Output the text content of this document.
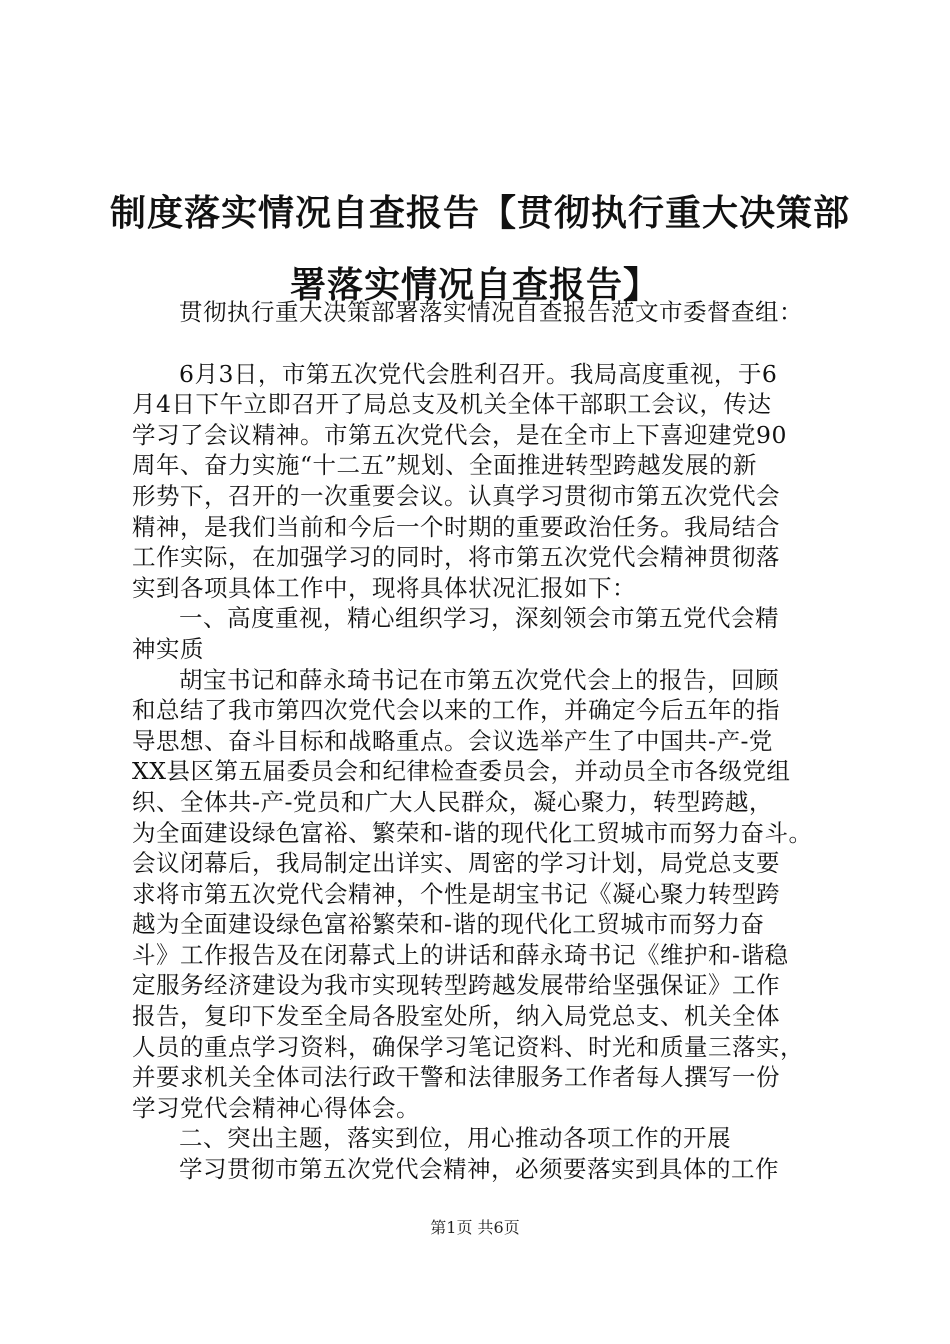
制度落实情况自查报告【贯彻执行重大决策部
署落实情况自查报告】
贯彻执行重大决策部署落实情况自查报告范文市委督查组：
6月3日，市第五次党代会胜利召开。我局高度重视，于6
月4日下午立即召开了局总支及机关全体干部职工会议，传达
学习了会议精神。市第五次党代会，是在全市上下喜迎建党90
周年、奋力实施“十二五”规划、全面推进转型跨越发展的新
形势下，召开的一次重要会议。认真学习贯彻市第五次党代会
精神，是我们当前和今后一个时期的重要政治任务。我局结合
工作实际，在加强学习的同时，将市第五次党代会精神贯彻落
实到各项具体工作中，现将具体状况汇报如下：
一、高度重视，精心组织学习，深刻领会市第五党代会精
神实质
胡宝书记和薛永琦书记在市第五次党代会上的报告，回顾
和总结了我市第四次党代会以来的工作，并确定今后五年的指
导思想、奋斗目标和战略重点。会议选举产生了中国共-产-党
XX县区第五届委员会和纪律检查委员会，并动员全市各级党组
织、全体共-产-党员和广大人民群众，凝心聚力，转型跨越，
为全面建设绿色富裕、繁荣和-谐的现代化工贸城市而努力奋斗。
会议闭幕后，我局制定出详实、周密的学习计划，局党总支要
求将市第五次党代会精神，个性是胡宝书记《凝心聚力转型跨
越为全面建设绿色富裕繁荣和-谐的现代化工贸城市而努力奋
斗》工作报告及在闭幕式上的讲话和薛永琦书记《维护和-谐稳
定服务经济建设为我市实现转型跨越发展带给坚强保证》工作
报告，复印下发至全局各股室处所，纳入局党总支、机关全体
人员的重点学习资料，确保学习笔记资料、时光和质量三落实，
并要求机关全体司法行政干警和法律服务工作者每人撰写一份
学习党代会精神心得体会。
二、突出主题，落实到位，用心推动各项工作的开展
学习贯彻市第五次党代会精神，必须要落实到具体的工作
第1页 共6页
